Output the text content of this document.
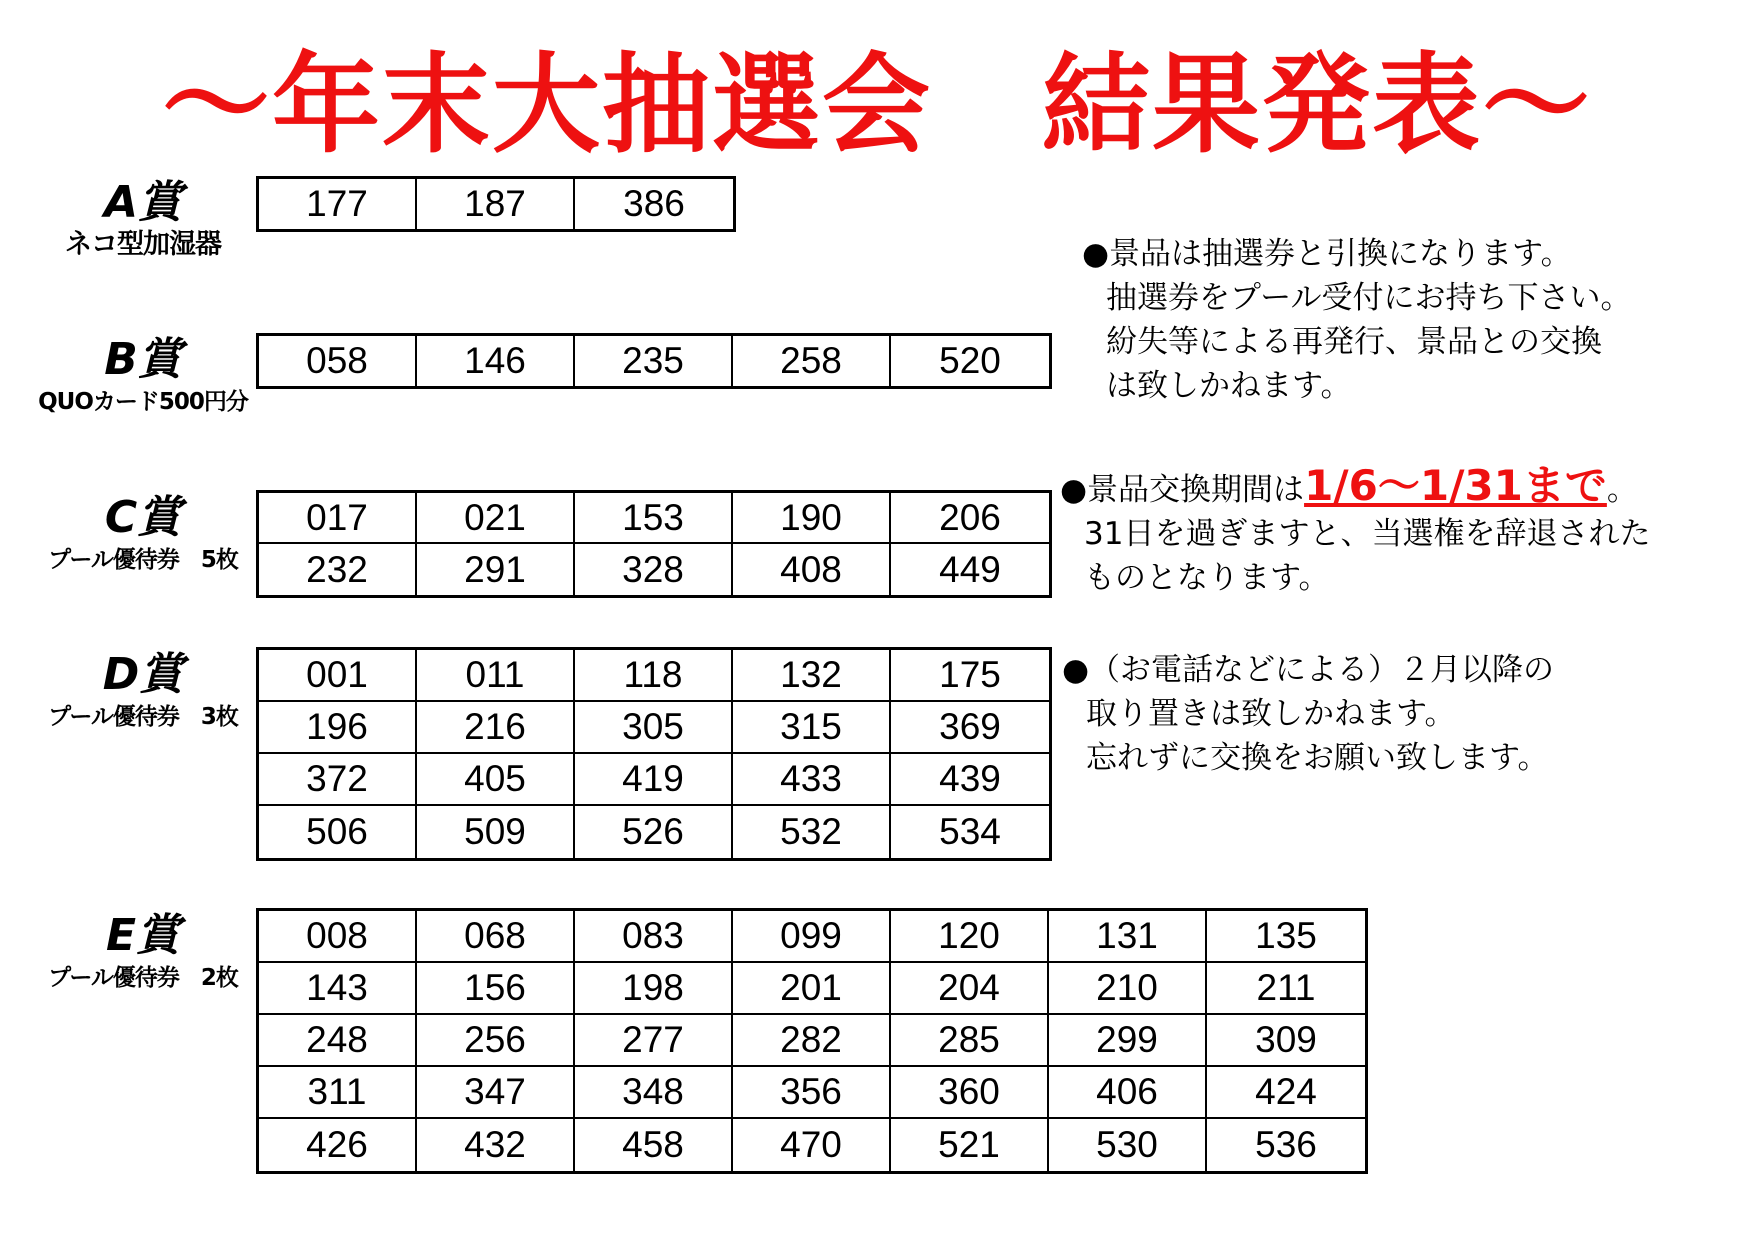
～年末大抽選会　結果発表～
A賞
ネコ型加湿器
B賞
QUOカード500円分
C賞
プール優待券　5枚
D賞
プール優待券　3枚
E賞
プール優待券　2枚
177	187	386
058	146	235	258	520
017	021	153	190	206
232	291	328	408	449
001	011	118	132	175
196	216	305	315	369
372	405	419	433	439
506	509	526	532	534
008	068	083	099	120	131	135
143	156	198	201	204	210	211
248	256	277	282	285	299	309
311	347	348	356	360	406	424
426	432	458	470	521	530	536
●景品は抽選券と引換になります。
抽選券をプール受付にお持ち下さい。
紛失等による再発行、景品との交換
は致しかねます。
●景品交換期間は1/6～1/31まで。
31日を過ぎますと、当選権を辞退された
ものとなります。
●（お電話などによる）２月以降の
取り置きは致しかねます。
忘れずに交換をお願い致します。
